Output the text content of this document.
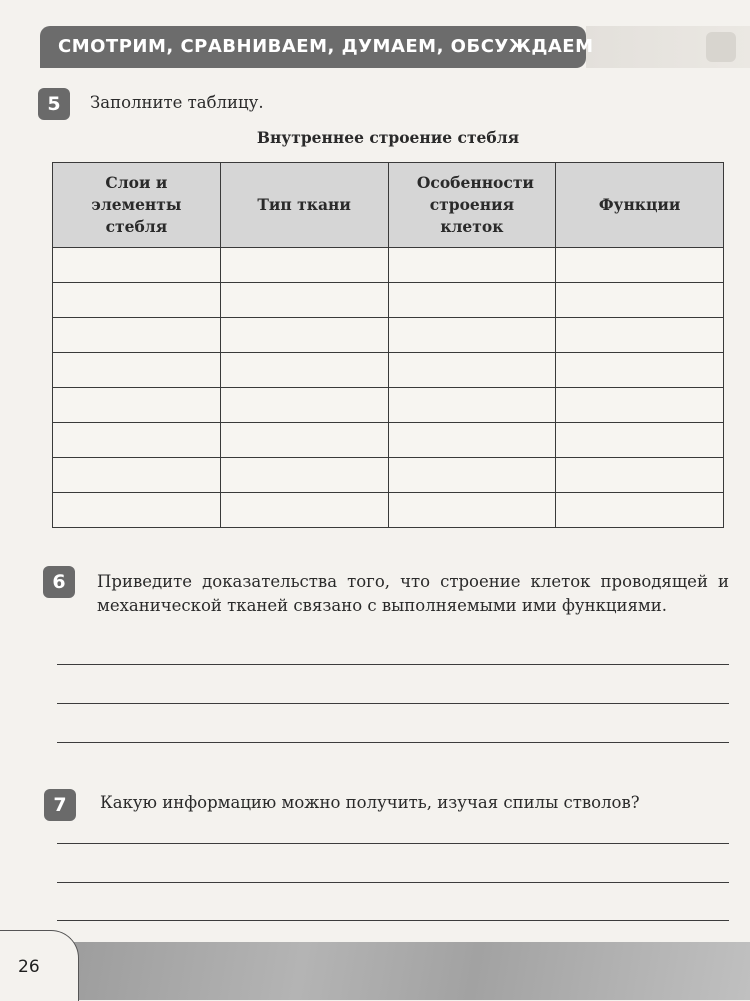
СМОТРИМ, СРАВНИВАЕМ, ДУМАЕМ, ОБСУЖДАЕМ
5	Заполните таблицу.
Внутреннее строение стебля
Слои и элементы стебля	Тип ткани	Особенности строения клеток	Функции

6	Приведите доказательства того, что строение клеток проводящей и механической тканей связано с выполняемыми ими функциями.
7	Какую информацию можно получить, изучая спилы стволов?
26
